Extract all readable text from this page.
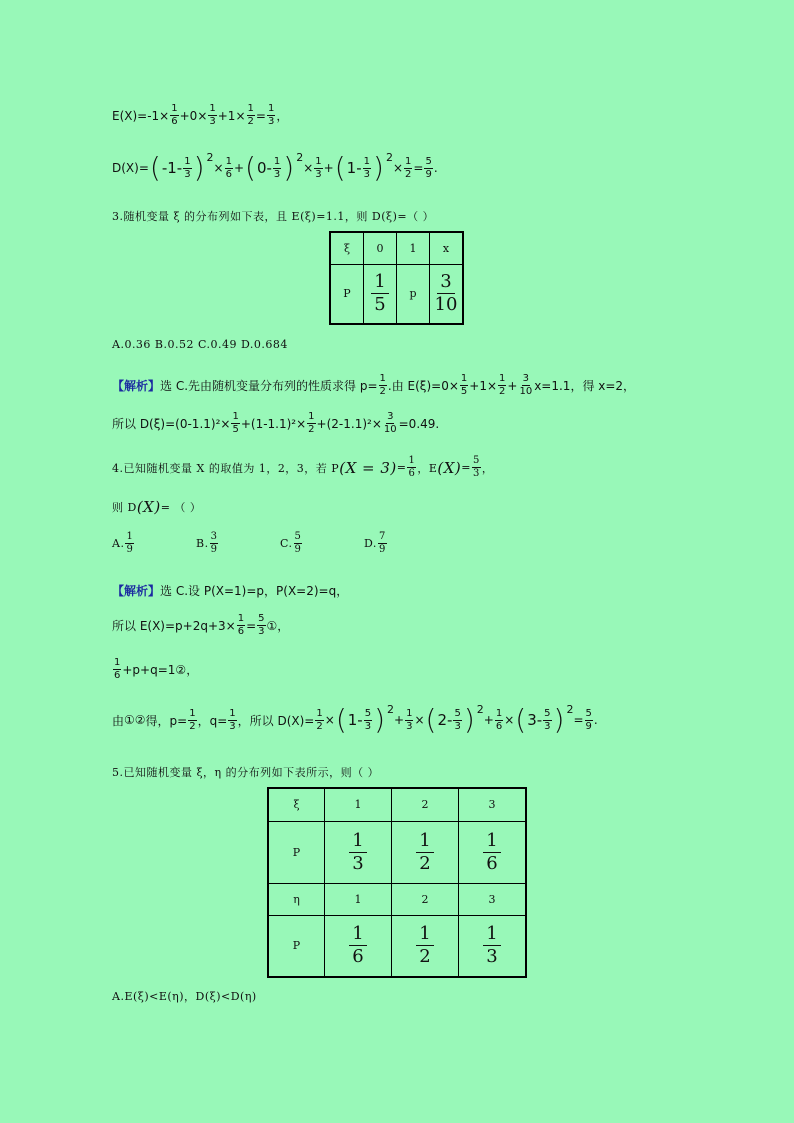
$E(X)=-1\times \frac{1}{6} +0\times \frac{1}{3} +1\times \frac{1}{2} = \frac{1}{3}$ ，
D(X)= ( $-1- \frac{1}{3}$ ) 2
× $\frac{1}{6}$ + ( $0- \frac{1}{3}$ ) 2
× $\frac{1}{3}$ + ( $1- \frac{1}{3}$ ) 2
× $\frac{1}{2} = \frac{5}{9}$ .
3.随机变量 ξ 的分布列如下表，且 E(ξ)=1.1，则 D(ξ)=（ ）
ξ	0	1	x
P	$\frac{1}{5}$	p	$\frac{3}{10}$
A.0.36 B.0.52 C.0.49 D.0.684
【解析】 选 C.先由随机变量分布列的性质求得 $p= \frac{1}{2}$ .由 $E(\xi)=0\times \frac{1}{5} +1\times \frac{1}{2} + \frac{3}{10} x=1.1$，得 x=2，
所以 $D(\xi)=(0-1.1)^2\times \frac{1}{5} +(1-1.1)^2\times \frac{1}{2} +(2-1.1)^2\times \frac{3}{10} =0.49$.
4.已知随机变量 X 的取值为 1，2，3，若 P $(X = 3) = \frac{1}{6}$ ，E $(X) = \frac{5}{3}$ ，
则 D (X) = （ ）
A. $\frac{1}{9}$	B. $\frac{3}{9}$	C. $\frac{5}{9}$	D. $\frac{7}{9}$
【解析】 选 C.设 P(X=1)=p，P(X=2)=q，
所以 $E(X)=p+2q+3\times \frac{1}{6} = \frac{5}{3}$ ① ，
$\frac{1}{6} +p+q=1$ ② ，
由 ① ② 得，$p= \frac{1}{2}$ ，$q= \frac{1}{3}$ ，所以 $D(X)= \frac{1}{2}$ × ( $1- \frac{5}{3}$ ) 2
+ $\frac{1}{3}$ × ( $2- \frac{5}{3}$ ) 2
+ $\frac{1}{6}$ × ( $3- \frac{5}{3}$ ) 2
= $\frac{5}{9}$ .
5.已知随机变量 ξ，η 的分布列如下表所示，则（ ）
ξ	1	2	3
P	$\frac{1}{3}$	$\frac{1}{2}$	$\frac{1}{6}$

η	1	2	3
P	$\frac{1}{6}$	$\frac{1}{2}$	$\frac{1}{3}$
A.E(ξ)<E(η)，D(ξ)<D(η)
